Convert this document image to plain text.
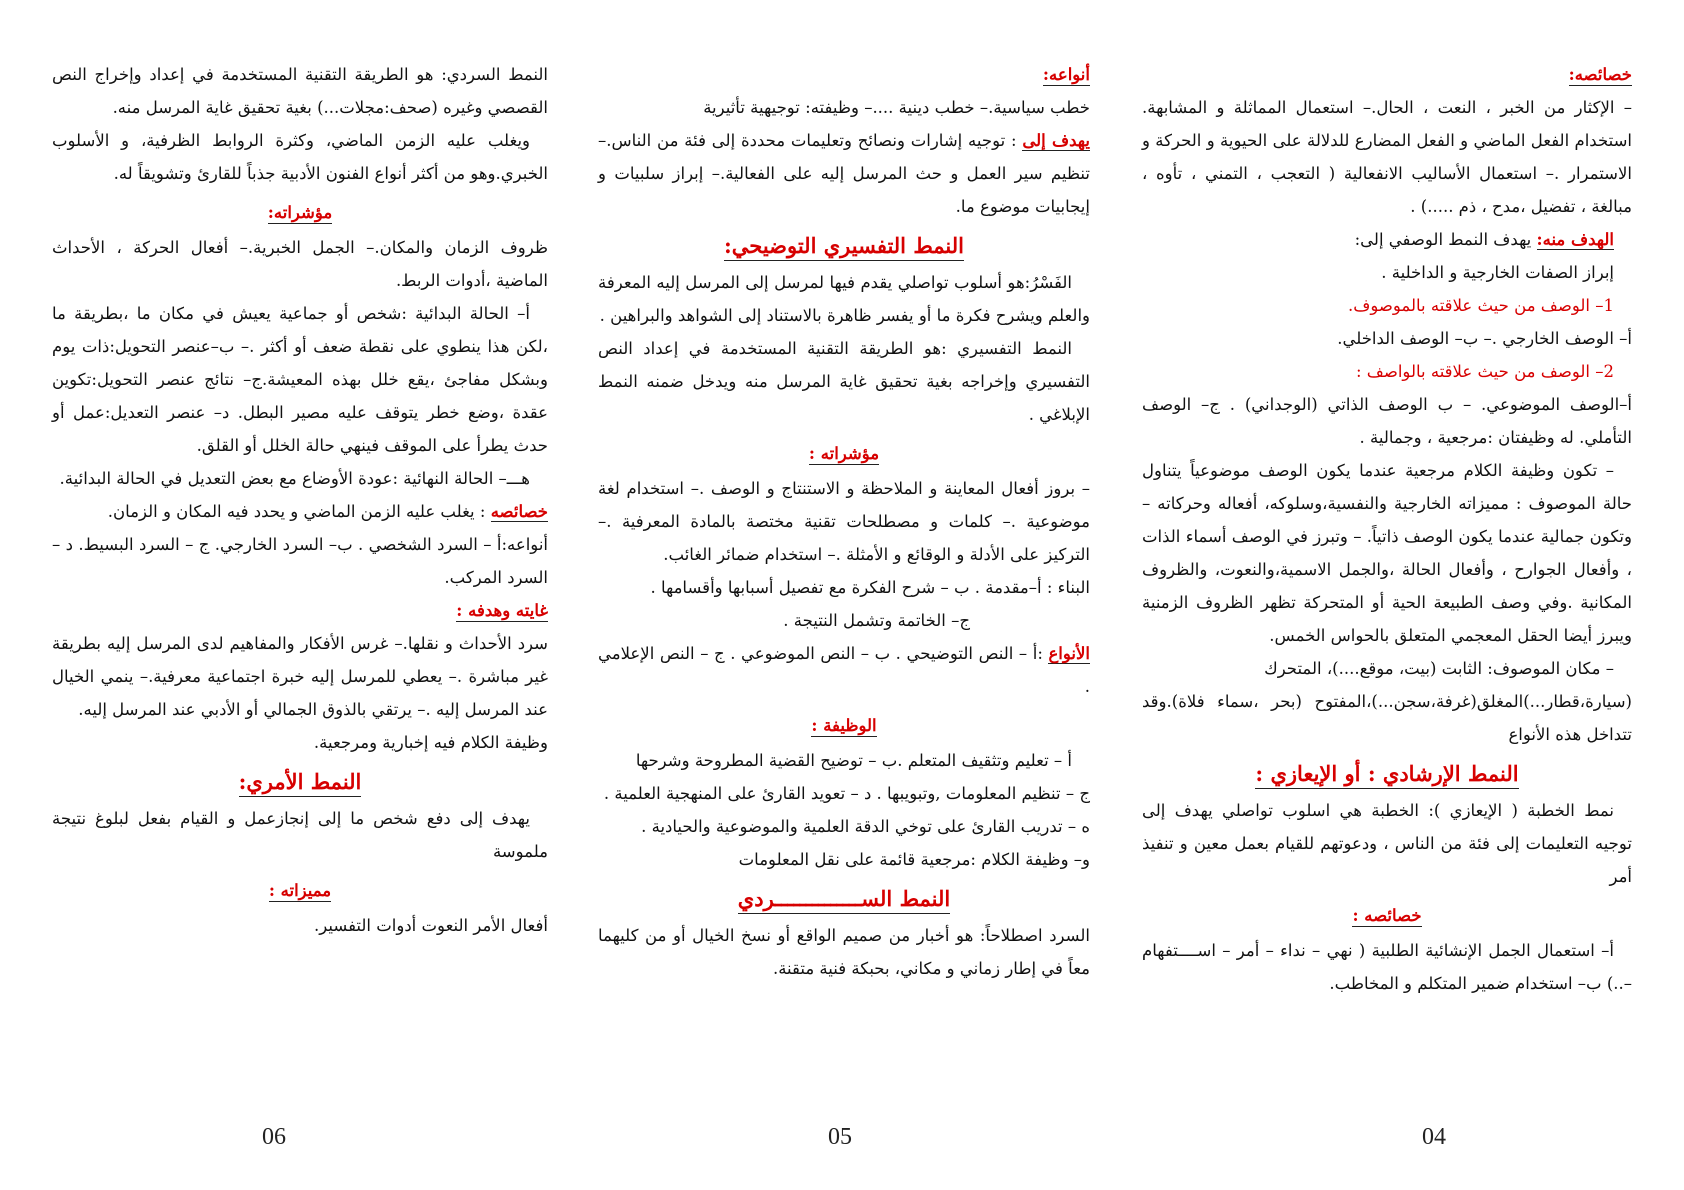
خصائصه:

– الإكثار من الخبر ، النعت ، الحال.– استعمال المماثلة و المشابهة. استخدام الفعل الماضي و الفعل المضارع للدلالة على الحيوية و الحركة و الاستمرار .– استعمال الأساليب الانفعالية ( التعجب ، التمني ، تأوه ، مبالغة ، تفضيل ،مدح ، ذم .....) .

الهدف منه: يهدف النمط الوصفي إلى:

إبراز الصفات الخارجية و الداخلية .

1– الوصف من حيث علاقته بالموصوف.

أ– الوصف الخارجي .– ب– الوصف الداخلي.

2– الوصف من حيث علاقته بالواصف :

أ–الوصف الموضوعي. – ب الوصف الذاتي (الوجداني) . ج– الوصف التأملي. له وظيفتان :مرجعية ، وجمالية .

– تكون وظيفة الكلام مرجعية عندما يكون الوصف موضوعياً يتناول حالة الموصوف : مميزاته الخارجية والنفسية،وسلوكه، أفعاله وحركاته – وتكون جمالية عندما يكون الوصف ذاتياً. – وتبرز في الوصف أسماء الذات ، وأفعال الجوارح ، وأفعال الحالة ،والجمل الاسمية،والنعوت، والظروف المكانية .وفي وصف الطبيعة الحية أو المتحركة تظهر الظروف الزمنية ويبرز أيضا الحقل المعجمي المتعلق بالحواس الخمس.

– مكان الموصوف: الثابت (بيت، موقع....)، المتحرك

(سيارة،قطار...)المغلق(غرفة،سجن...)،المفتوح (بحر ،سماء فلاة).وقد تتداخل هذه الأنواع

النمط الإرشادي : أو الإيعازي :

نمط الخطبة ( الإيعازي ): الخطبة هي اسلوب تواصلي يهدف إلى توجيه التعليمات إلى فئة من الناس ، ودعوتهم للقيام بعمل معين و تنفيذ أمر

خصائصه :

أ– استعمال الجمل الإنشائية الطلبية ( نهي – نداء – أمر – اســــتفهام –..) ب– استخدام ضمير المتكلم و المخاطب.

أنواعه:

خطب سياسية.– خطب دينية ....– وظيفته: توجيهية تأثيرية

يهدف إلى : توجيه إشارات ونصائح وتعليمات محددة إلى فئة من الناس.– تنظيم سير العمل و حث المرسل إليه على الفعالية.– إبراز سلبيات و إيجابيات موضوع ما.

النمط التفسيري التوضيحي:

الفَسْرُ:هو أسلوب تواصلي يقدم فيها لمرسل إلى المرسل إليه المعرفة والعلم ويشرح فكرة ما أو يفسر ظاهرة بالاستناد إلى الشواهد والبراهين .

النمط التفسيري :هو الطريقة التقنية المستخدمة في إعداد النص التفسيري وإخراجه بغية تحقيق غاية المرسل منه ويدخل ضمنه النمط الإبلاغي .

مؤشراته :

– بروز أفعال المعاينة و الملاحظة و الاستنتاج و الوصف .– استخدام لغة موضوعية .– كلمات و مصطلحات تقنية مختصة بالمادة المعرفية .– التركيز على الأدلة و الوقائع و الأمثلة .– استخدام ضمائر الغائب.

البناء : أ–مقدمة . ب – شرح الفكرة مع تفصيل أسبابها وأقسامها .

ج– الخاتمة وتشمل النتيجة .

الأنواع :أ – النص التوضيحي . ب – النص الموضوعي . ج – النص الإعلامي .

الوظيفة :

أ – تعليم وتثقيف المتعلم .ب – توضيح القضية المطروحة وشرحها

ج – تنظيم المعلومات ,وتبويبها . د – تعويد القارئ على المنهجية العلمية .

ه – تدريب القارئ على توخي الدقة العلمية والموضوعية والحيادية .

و– وظيفة الكلام :مرجعية قائمة على نقل المعلومات

النمط الســــــــــــــردي

السرد اصطلاحاً: هو أخبار من صميم الواقع أو نسخ الخيال أو من كليهما معاً في إطار زماني و مكاني، بحبكة فنية متقنة.

النمط السردي: هو الطريقة التقنية المستخدمة في إعداد وإخراج النص القصصي وغيره (صحف:مجلات...) بغية تحقيق غاية المرسل منه.

ويغلب عليه الزمن الماضي، وكثرة الروابط الظرفية، و الأسلوب الخبري.وهو من أكثر أنواع الفنون الأدبية جذباً للقارئ وتشويقاً له.

مؤشراته:

ظروف الزمان والمكان.– الجمل الخبرية.– أفعال الحركة ، الأحداث الماضية ،أدوات الربط.

أ– الحالة البدائية :شخص أو جماعية يعيش في مكان ما ،بطريقة ما ،لكن هذا ينطوي على نقطة ضعف أو أكثر .– ب–عنصر التحويل:ذات يوم وبشكل مفاجئ ،يقع خلل بهذه المعيشة.ج– نتائج عنصر التحويل:تكوين عقدة ،وضع خطر يتوقف عليه مصير البطل. د– عنصر التعديل:عمل أو حدث يطرأ على الموقف فينهي حالة الخلل أو القلق.

هـــ– الحالة النهائية :عودة الأوضاع مع بعض التعديل في الحالة البدائية.

خصائصه : يغلب عليه الزمن الماضي و يحدد فيه المكان و الزمان.

أنواعه:أ – السرد الشخصي . ب– السرد الخارجي. ج – السرد البسيط. د – السرد المركب.

غايته وهدفه :

سرد الأحداث و نقلها.– غرس الأفكار والمفاهيم لدى المرسل إليه بطريقة غير مباشرة .– يعطي للمرسل إليه خبرة اجتماعية معرفية.– ينمي الخيال عند المرسل إليه .– يرتقي بالذوق الجمالي أو الأدبي عند المرسل إليه.

وظيفة الكلام فيه إخبارية ومرجعية.

النمط الأمري:

يهدف إلى دفع شخص ما إلى إنجازعمل و القيام بفعل لبلوغ نتيجة ملموسة

مميزاته :

أفعال الأمر النعوت أدوات التفسير.

04
05
06
